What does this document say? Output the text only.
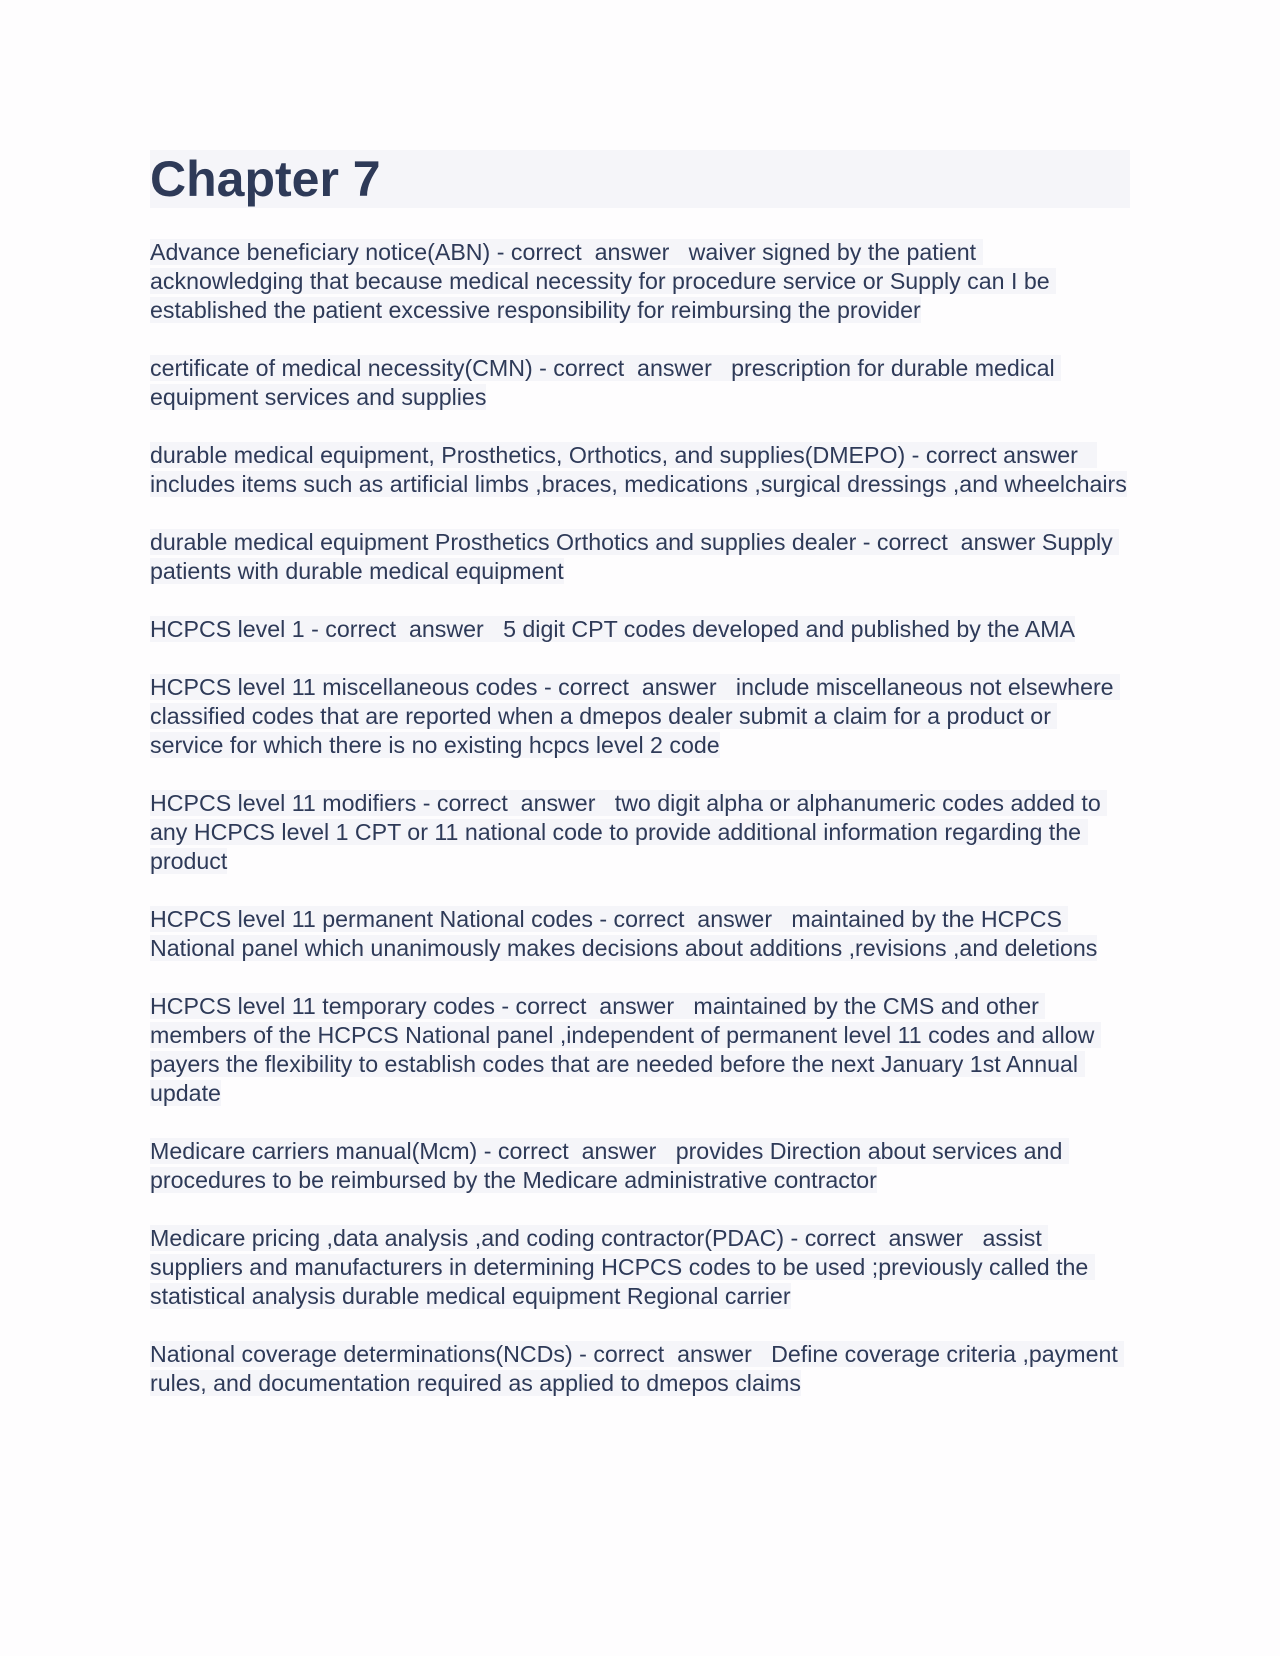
Chapter 7

Advance beneficiary notice(ABN) - correct  answer   waiver signed by the patient acknowledging that because medical necessity for procedure service or Supply can I be established the patient excessive responsibility for reimbursing the provider

certificate of medical necessity(CMN) - correct  answer   prescription for durable medical equipment services and supplies

durable medical equipment, Prosthetics, Orthotics, and supplies(DMEPO) - correct answer   includes items such as artificial limbs ,braces, medications ,surgical dressings ,and wheelchairs

durable medical equipment Prosthetics Orthotics and supplies dealer - correct  answer Supply patients with durable medical equipment

HCPCS level 1 - correct  answer   5 digit CPT codes developed and published by the AMA

HCPCS level 11 miscellaneous codes - correct  answer   include miscellaneous not elsewhere classified codes that are reported when a dmepos dealer submit a claim for a product or service for which there is no existing hcpcs level 2 code

HCPCS level 11 modifiers - correct  answer   two digit alpha or alphanumeric codes added to any HCPCS level 1 CPT or 11 national code to provide additional information regarding the product

HCPCS level 11 permanent National codes - correct  answer   maintained by the HCPCS National panel which unanimously makes decisions about additions ,revisions ,and deletions

HCPCS level 11 temporary codes - correct  answer   maintained by the CMS and other members of the HCPCS National panel ,independent of permanent level 11 codes and allow payers the flexibility to establish codes that are needed before the next January 1st Annual update

Medicare carriers manual(Mcm) - correct  answer   provides Direction about services and procedures to be reimbursed by the Medicare administrative contractor

Medicare pricing ,data analysis ,and coding contractor(PDAC) - correct  answer   assist suppliers and manufacturers in determining HCPCS codes to be used ;previously called the statistical analysis durable medical equipment Regional carrier

National coverage determinations(NCDs) - correct  answer   Define coverage criteria ,payment rules, and documentation required as applied to dmepos claims
